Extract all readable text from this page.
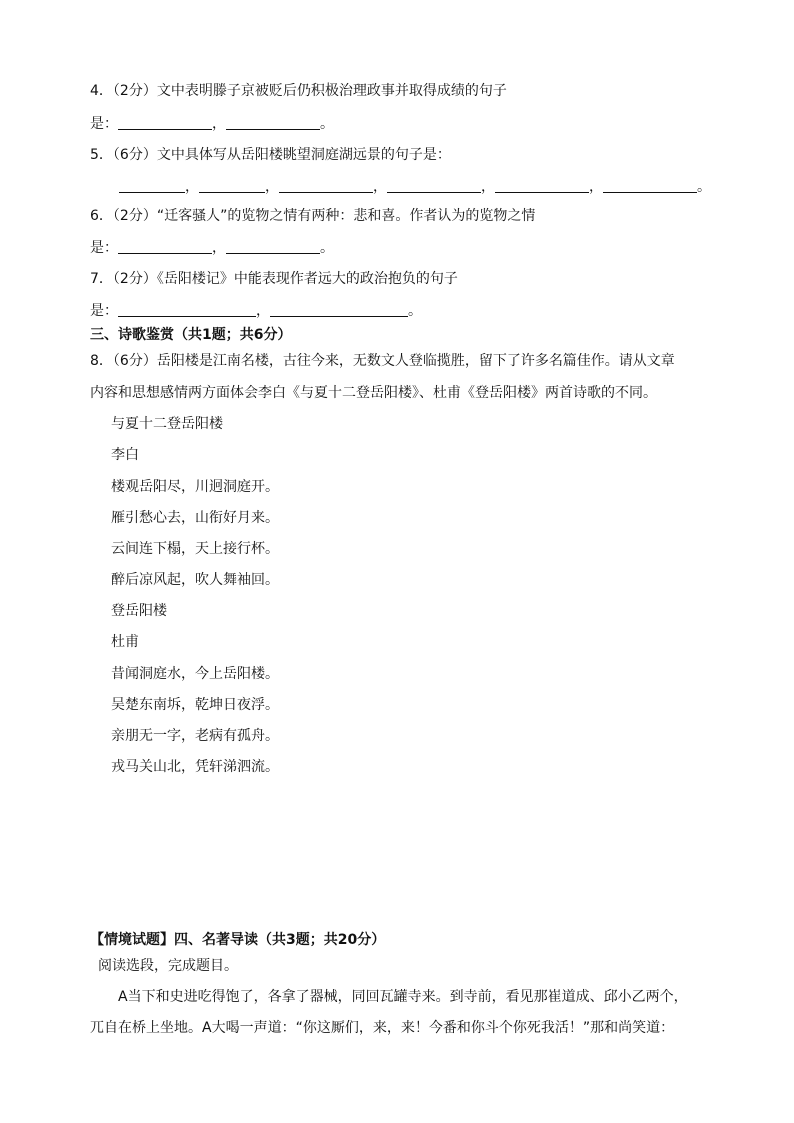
4．（2分）文中表明滕子京被贬后仍积极治理政事并取得成绩的句子
是：	，	。
5．（6分）文中具体写从岳阳楼眺望洞庭湖远景的句子是：
，	，	，	，	，	。
6．（2分）“迁客骚人”的览物之情有两种：悲和喜。作者认为的览物之情
是：	，	。
7．（2分）《岳阳楼记》中能表现作者远大的政治抱负的句子
是：	，	。
三、诗歌鉴赏（共1题；共6分）
8．（6分）岳阳楼是江南名楼，古往今来，无数文人登临揽胜，留下了许多名篇佳作。请从文章
内容和思想感情两方面体会李白《与夏十二登岳阳楼》、杜甫《登岳阳楼》两首诗歌的不同。
与夏十二登岳阳楼
李白
楼观岳阳尽，川迥洞庭开。
雁引愁心去，山衔好月来。
云间连下榻，天上接行杯。
醉后凉风起，吹人舞袖回。
登岳阳楼
杜甫
昔闻洞庭水，今上岳阳楼。
吴楚东南坼，乾坤日夜浮。
亲朋无一字，老病有孤舟。
戎马关山北，凭轩涕泗流。
【情境试题】四、名著导读（共3题；共20分）
阅读选段，完成题目。
A当下和史进吃得饱了，各拿了器械，同回瓦罐寺来。到寺前，看见那崔道成、邱小乙两个，
兀自在桥上坐地。A大喝一声道：“你这厮们，来，来！今番和你斗个你死我活！”那和尚笑道：
